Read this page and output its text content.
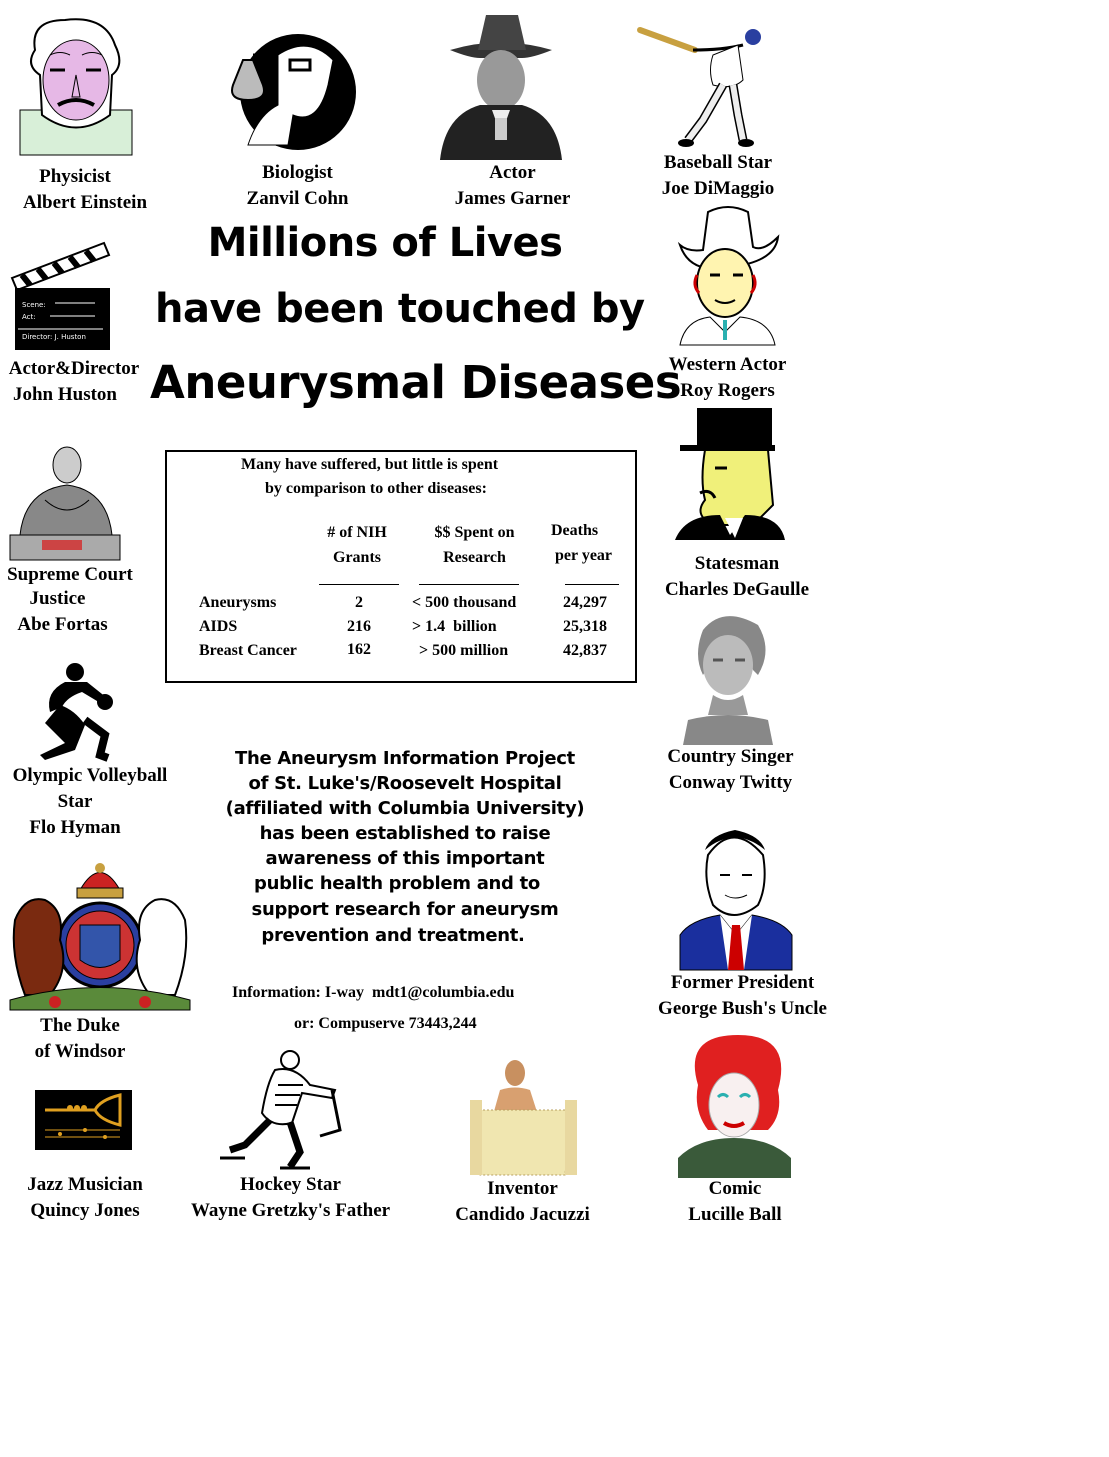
Scene:
Act:
Director: J. Huston
Physicist
Albert Einstein
Biologist
Zanvil Cohn
Actor
James Garner
Baseball Star
Joe DiMaggio
Actor&Director
John Huston
Western Actor
Roy Rogers
Supreme Court
Justice
Abe Fortas
Statesman
Charles DeGaulle
Olympic Volleyball
Star
Flo Hyman
Country Singer
Conway Twitty
The Duke
of Windsor
Former President
George Bush's Uncle
Jazz Musician
Quincy Jones
Hockey Star
Wayne Gretzky's Father
Inventor
Candido Jacuzzi
Comic
Lucille Ball
Millions of Lives
have been touched by
Aneurysmal Diseases
Many have suffered, but little is spent
by comparison to other diseases:
# of NIH
Grants
$$ Spent on
Research
Deaths
per year
Aneurysms	2	< 500 thousand	24,297
AIDS	216	> 1.4  billion	25,318
Breast Cancer	162	> 500 million	42,837
The Aneurysm Information Project
of St. Luke's/Roosevelt Hospital
(affiliated with Columbia University)
has been established to raise
awareness of this important
public health problem and to
support research for aneurysm
prevention and treatment.
Information: I-way  mdt1@columbia.edu
or: Compuserve 73443,244
